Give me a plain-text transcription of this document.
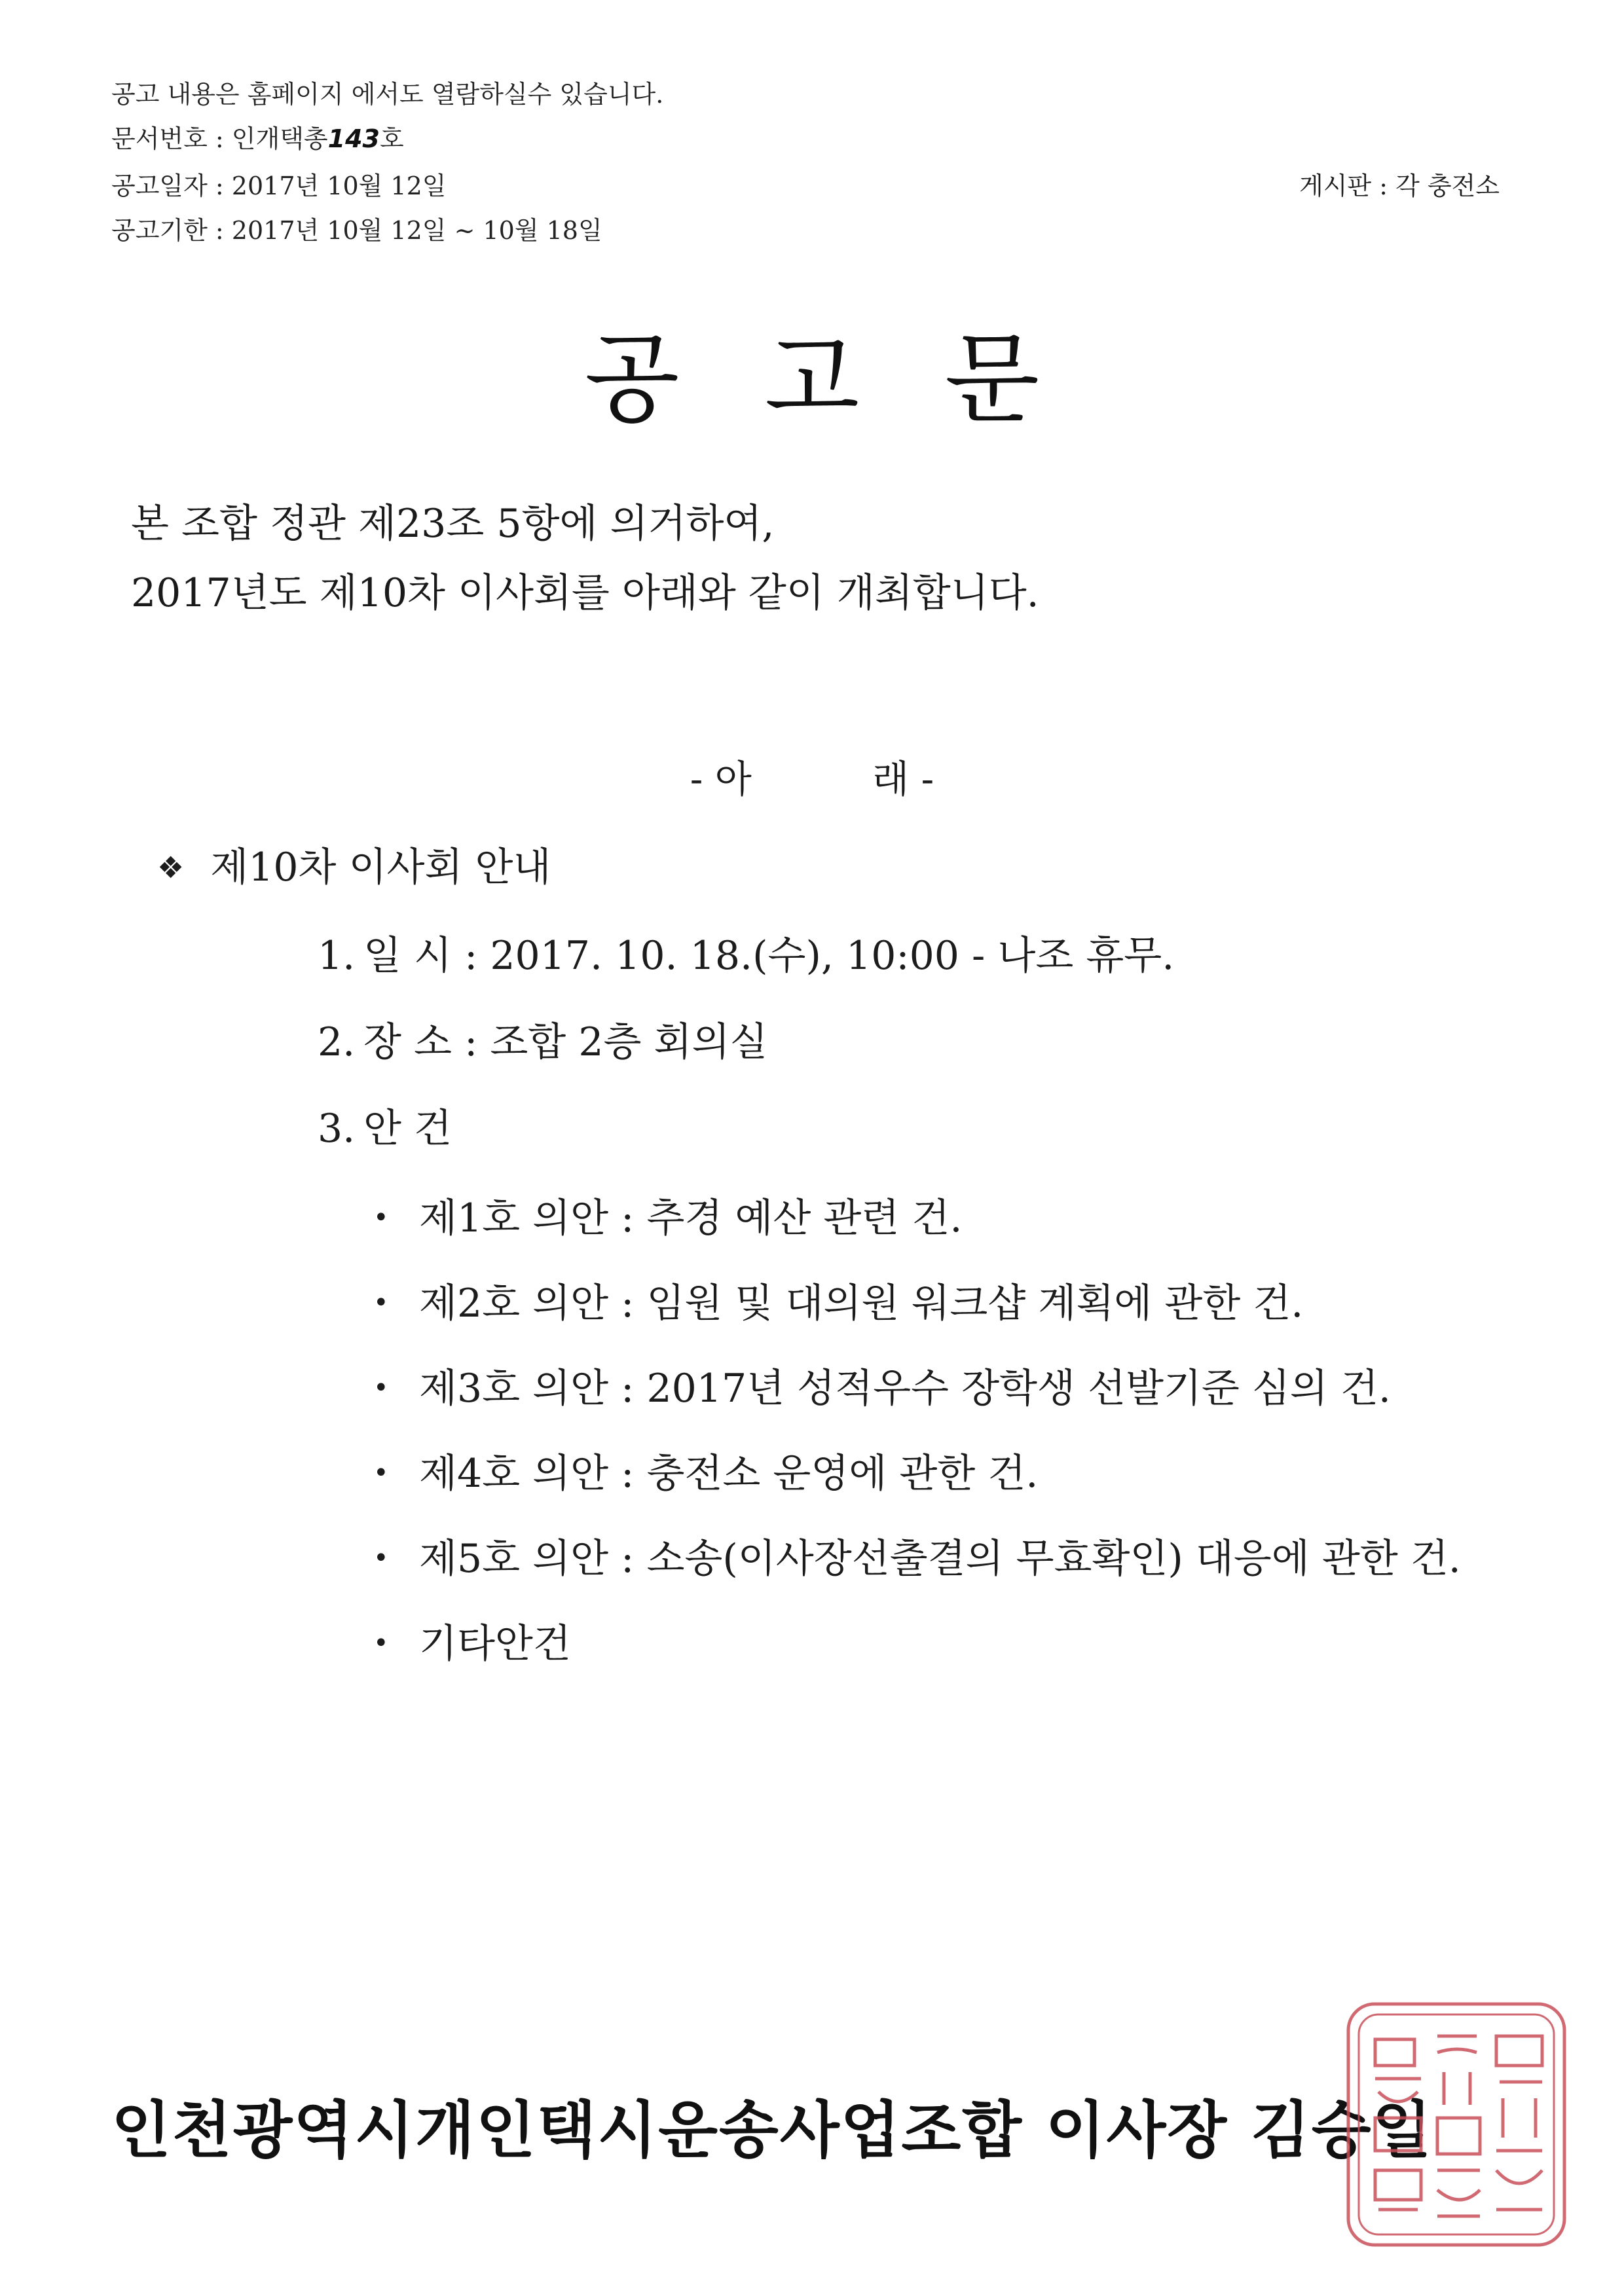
공고 내용은 홈페이지 에서도 열람하실수 있습니다.
문서번호 : 인개택총143호
공고일자 : 2017년 10월 12일
공고기한 : 2017년 10월 12일 ~ 10월 18일
게시판 : 각 충전소
공고문
본 조합 정관 제23조 5항에 의거하여,
2017년도 제10차 이사회를 아래와 같이 개최합니다.
- 아          래 -
❖ 제10차 이사회 안내
1. 일 시 : 2017. 10. 18.(수), 10:00 - 나조 휴무.
2. 장 소 : 조합 2층 회의실
3. 안 건
• 제1호 의안 : 추경 예산 관련 건.
• 제2호 의안 : 임원 및 대의원 워크샵 계획에 관한 건.
• 제3호 의안 : 2017년 성적우수 장학생 선발기준 심의 건.
• 제4호 의안 : 충전소 운영에 관한 건.
• 제5호 의안 : 소송(이사장선출결의 무효확인) 대응에 관한 건.
• 기타안건
인천광역시개인택시운송사업조합 이사장 김승일
